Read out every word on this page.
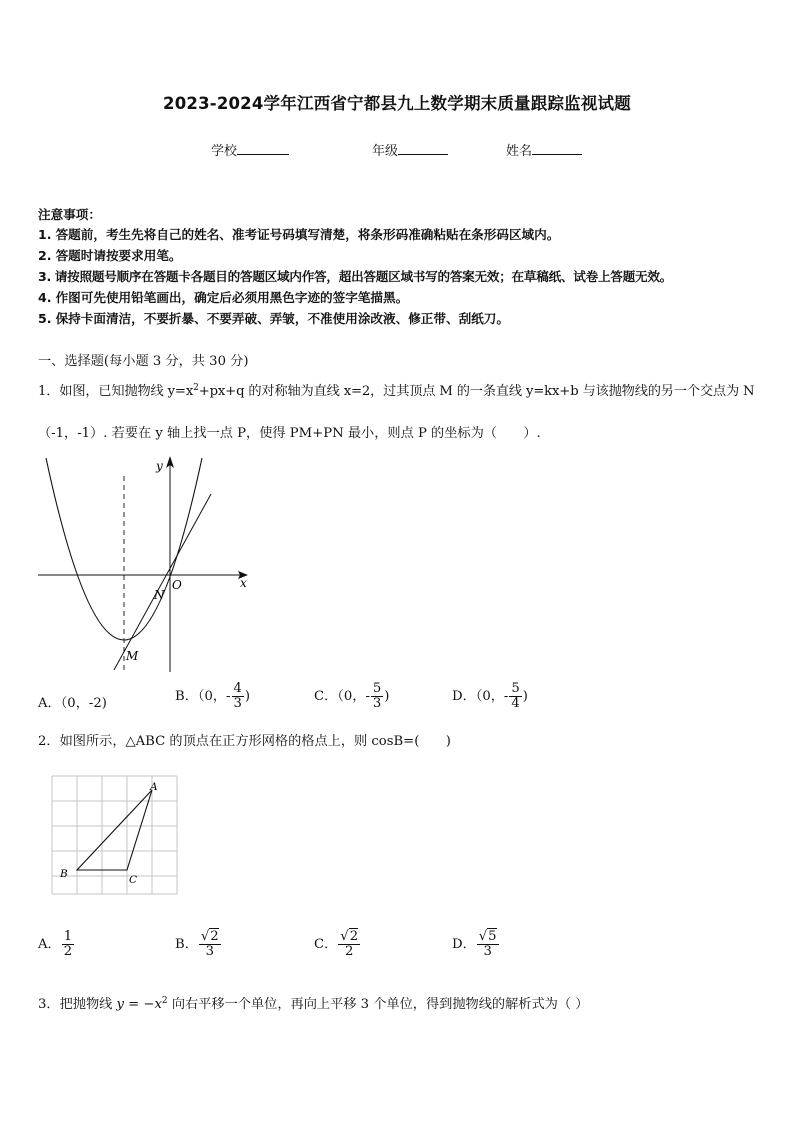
2023-2024学年江西省宁都县九上数学期末质量跟踪监视试题
学校	年级	姓名
注意事项：
1. 答题前，考生先将自己的姓名、准考证号码填写清楚，将条形码准确粘贴在条形码区域内。
2. 答题时请按要求用笔。
3. 请按照题号顺序在答题卡各题目的答题区域内作答，超出答题区域书写的答案无效；在草稿纸、试卷上答题无效。
4. 作图可先使用铅笔画出，确定后必须用黑色字迹的签字笔描黑。
5. 保持卡面清洁，不要折暴、不要弄破、弄皱，不准使用涂改液、修正带、刮纸刀。
一、选择题(每小题 3 分，共 30 分)
1．如图，已知抛物线 $y=x^2+px+q$ 的对称轴为直线 x=2，过其顶点 M 的一条直线 y=kx+b 与该抛物线的另一个交点为 N
（-1，-1）. 若要在 y 轴上找一点 P，使得 PM+PN 最小，则点 P 的坐标为（　　）.
x
y
O
N
M
A．（0，-2)	B．（0，- $\frac{4}{3}$ )	C．（0，- $\frac{5}{3}$ )	D．（0，- $\frac{5}{4}$ )
2．如图所示，△ABC 的顶点在正方形网格的格点上，则 cosB=(　　)
A
B	C
A． $\frac{1}{2}$	B． $\frac{√2}{3}$	C． $\frac{√2}{2}$	D． $\frac{√5}{3}$
3．把抛物线 $y = -x^2$ 向右平移一个单位，再向上平移 3 个单位，得到抛物线的解析式为（ ）
